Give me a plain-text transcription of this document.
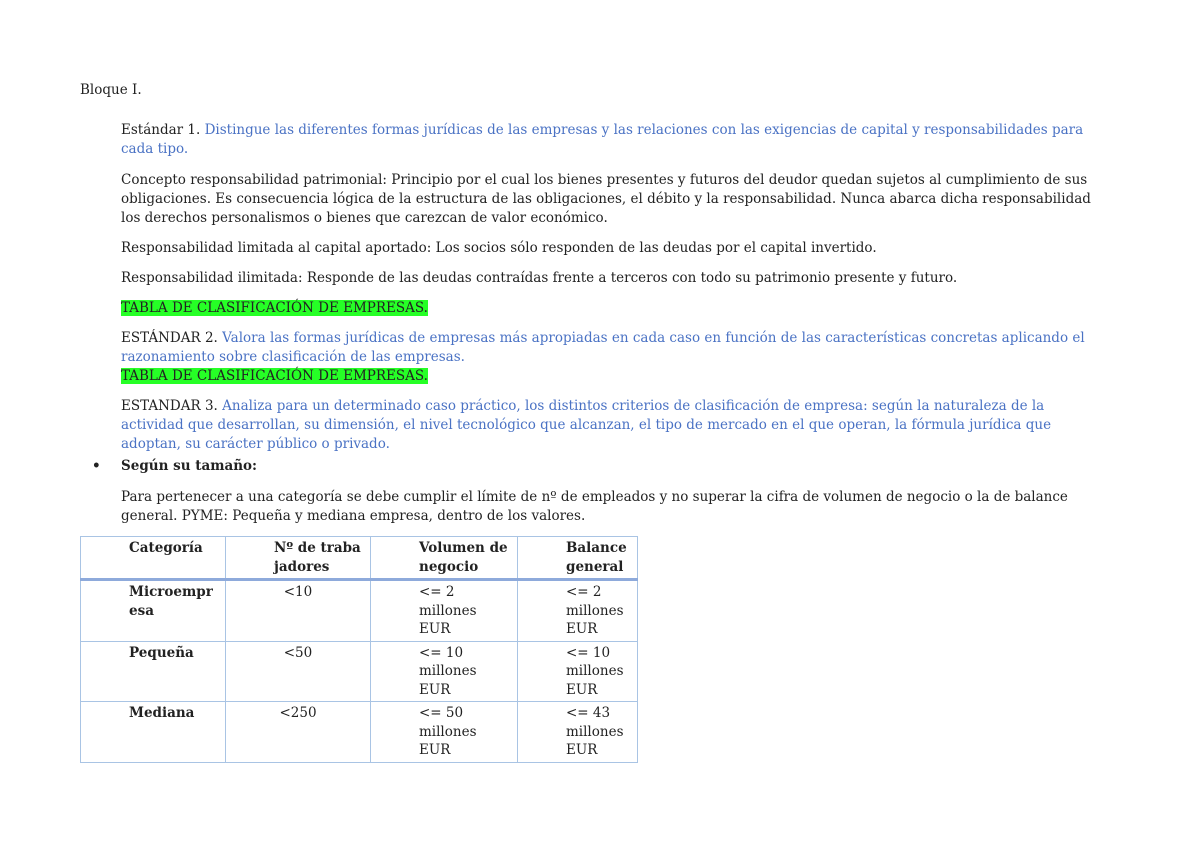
Bloque I.

Estándar 1. Distingue las diferentes formas jurídicas de las empresas y las relaciones con las exigencias de capital y responsabilidades para cada tipo.

Concepto responsabilidad patrimonial: Principio por el cual los bienes presentes y futuros del deudor quedan sujetos al cumplimiento de sus obligaciones. Es consecuencia lógica de la estructura de las obligaciones, el débito y la responsabilidad. Nunca abarca dicha responsabilidad los derechos personalismos o bienes que carezcan de valor económico.

Responsabilidad limitada al capital aportado: Los socios sólo responden de las deudas por el capital invertido.

Responsabilidad ilimitada: Responde de las deudas contraídas frente a terceros con todo su patrimonio presente y futuro.

TABLA DE CLASIFICACIÓN DE EMPRESAS.

ESTÁNDAR 2. Valora las formas jurídicas de empresas más apropiadas en cada caso en función de las características concretas aplicando el razonamiento sobre clasificación de las empresas.

TABLA DE CLASIFICACIÓN DE EMPRESAS.

ESTANDAR 3. Analiza para un determinado caso práctico, los distintos criterios de clasificación de empresa: según la naturaleza de la actividad que desarrollan, su dimensión, el nivel tecnológico que alcanzan, el tipo de mercado en el que operan, la fórmula jurídica que adoptan, su carácter público o privado.

• Según su tamaño:

Para pertenecer a una categoría se debe cumplir el límite de nº de empleados y no superar la cifra de volumen de negocio o la de balance general. PYME: Pequeña y mediana empresa, dentro de los valores.

Categoría	Nº de trabajadores	Volumen de negocio	Balance general
Microempresa	<10	<= 2 millones EUR	<= 2 millones EUR
Pequeña	<50	<= 10 millones EUR	<= 10 millones EUR
Mediana	<250	<= 50 millones EUR	<= 43 millones EUR
